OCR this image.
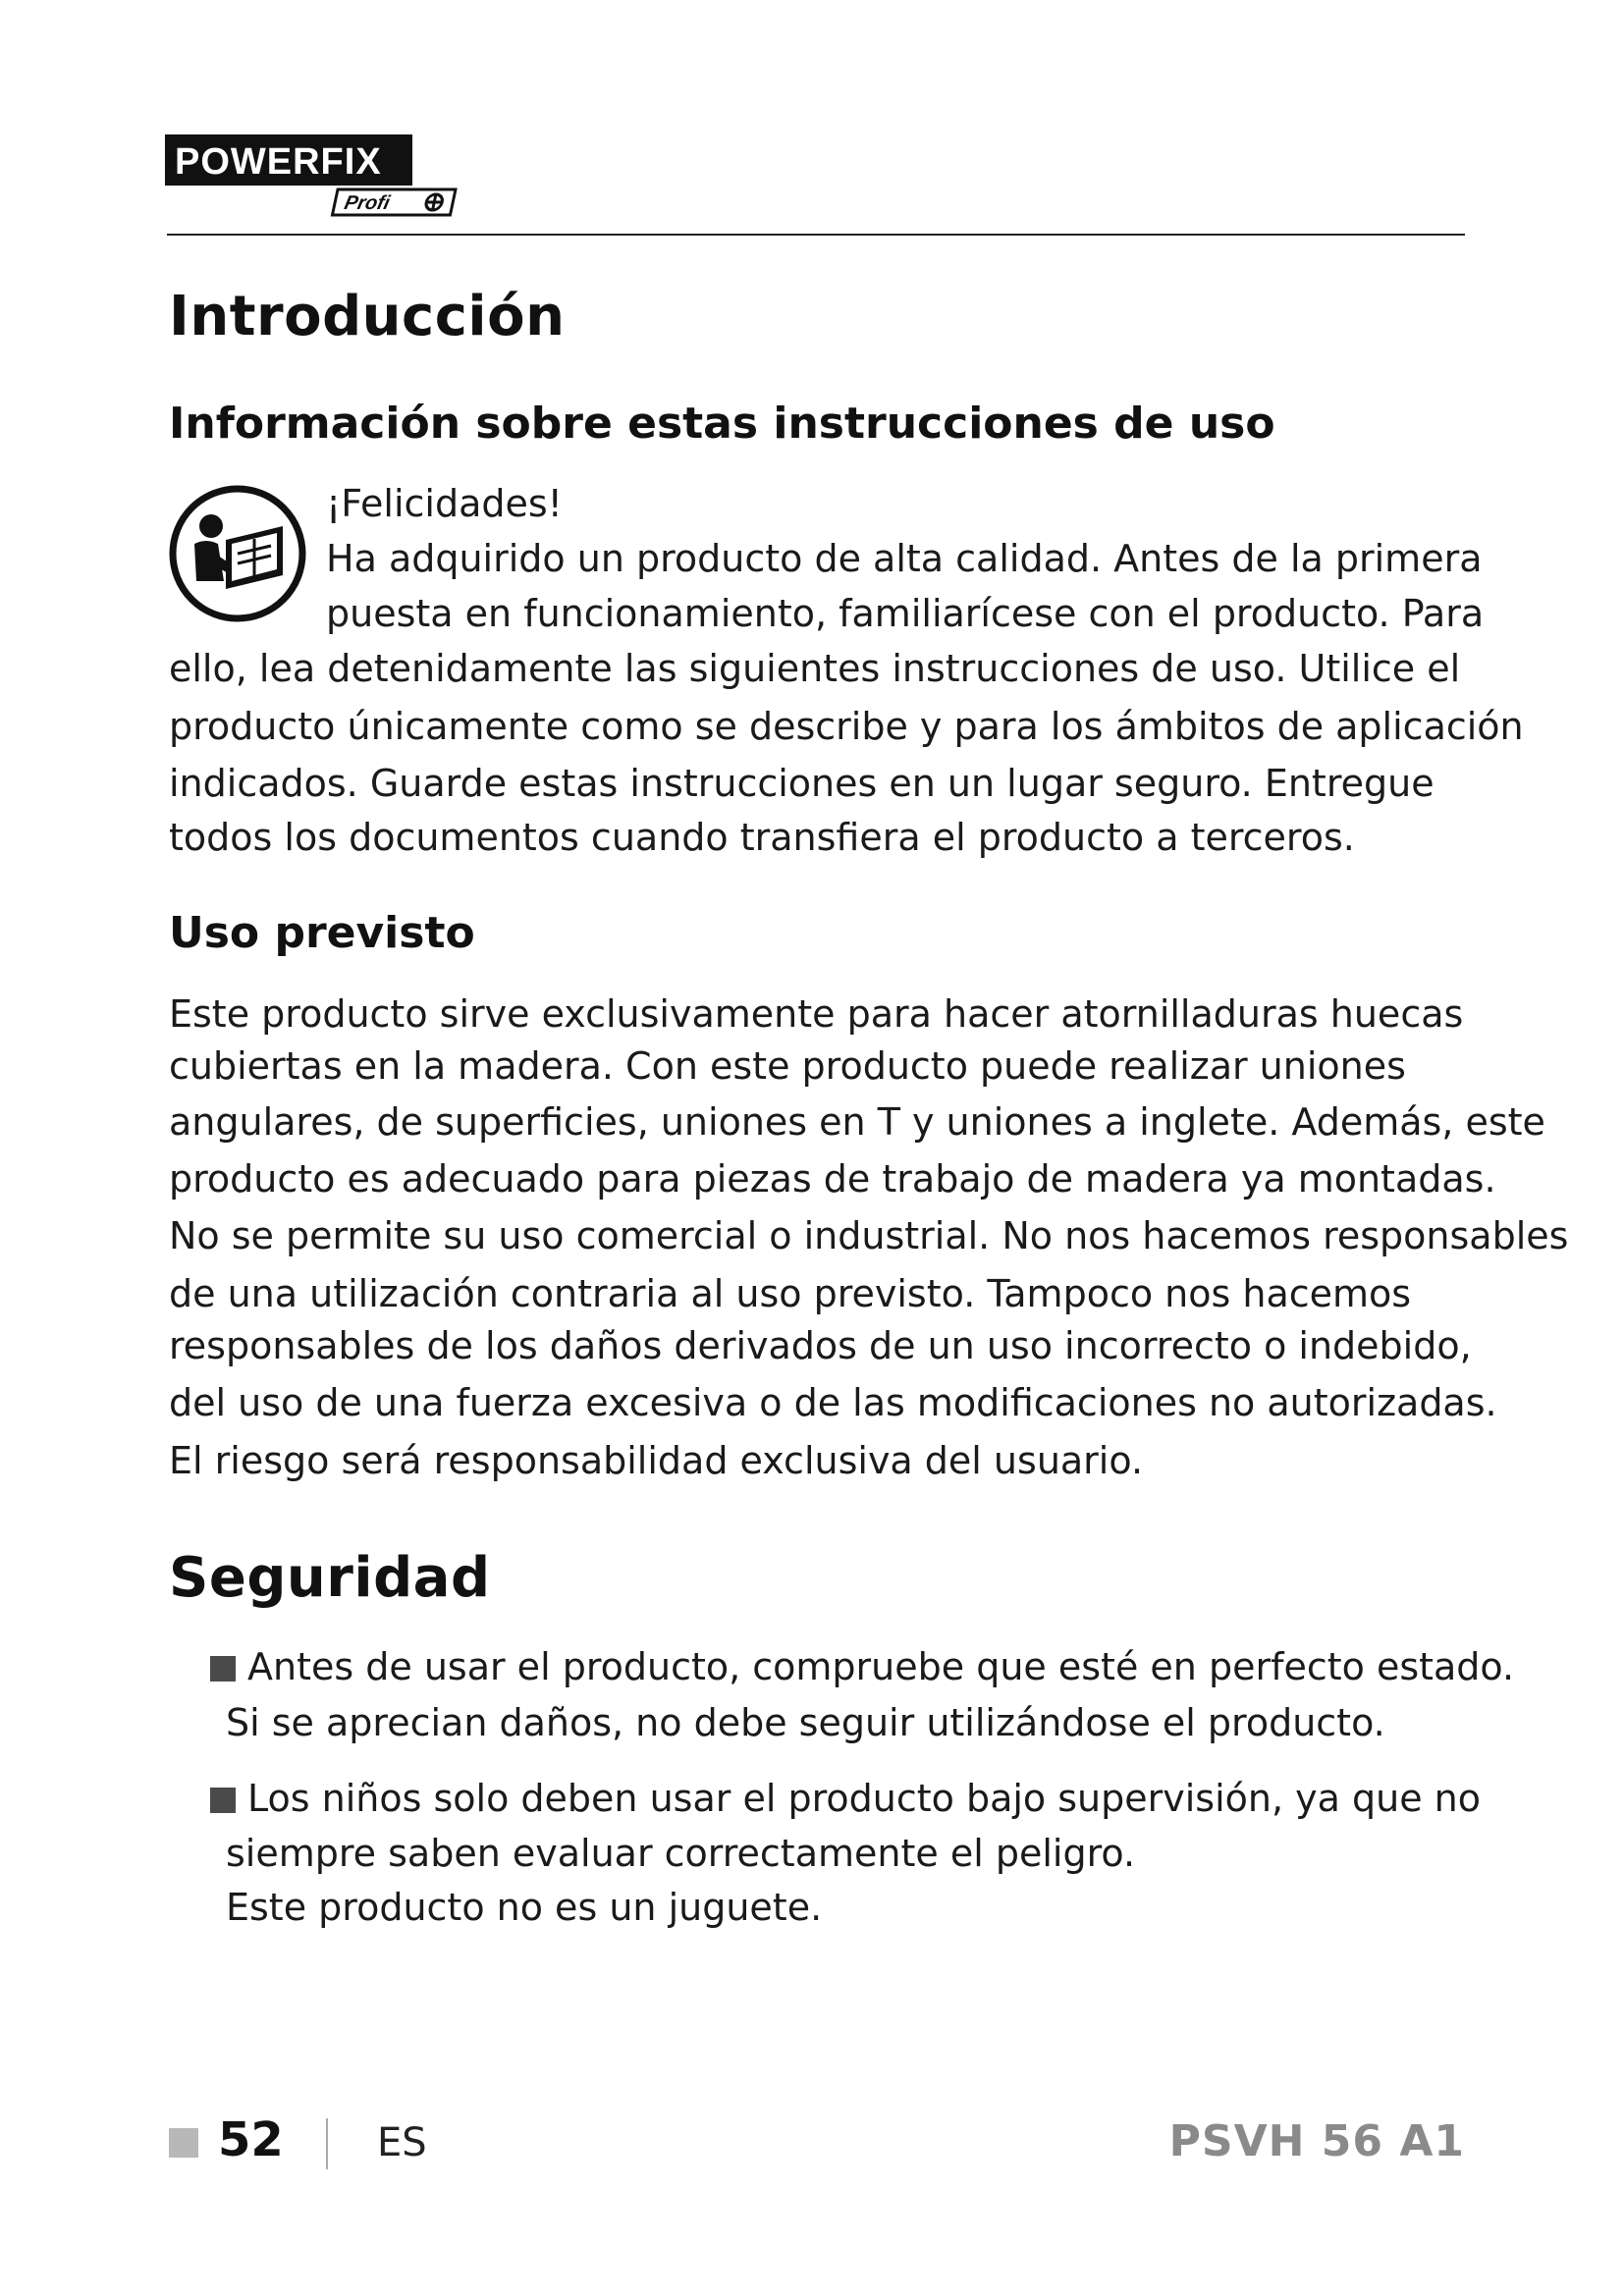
POWERFIX
Profi
Introducción
Información sobre estas instrucciones de uso

¡Felicidades!

Ha adquirido un producto de alta calidad. Antes de la primera

puesta en funcionamiento, familiarícese con el producto. Para

ello, lea detenidamente las siguientes instrucciones de uso. Utilice el

producto únicamente como se describe y para los ámbitos de aplicación

indicados. Guarde estas instrucciones en un lugar seguro. Entregue

todos los documentos cuando transfiera el producto a terceros.

Uso previsto

Este producto sirve exclusivamente para hacer atornilladuras huecas

cubiertas en la madera. Con este producto puede realizar uniones

angulares, de superficies, uniones en T y uniones a inglete. Además, este

producto es adecuado para piezas de trabajo de madera ya montadas.

No se permite su uso comercial o industrial. No nos hacemos responsables

de una utilización contraria al uso previsto. Tampoco nos hacemos

responsables de los daños derivados de un uso incorrecto o indebido,

del uso de una fuerza excesiva o de las modificaciones no autorizadas.

El riesgo será responsabilidad exclusiva del usuario.

Seguridad

Antes de usar el producto, compruebe que esté en perfecto estado.

Si se aprecian daños, no debe seguir utilizándose el producto.

Los niños solo deben usar el producto bajo supervisión, ya que no

siempre saben evaluar correctamente el peligro.

Este producto no es un juguete.

52 ES	PSVH 56 A1
